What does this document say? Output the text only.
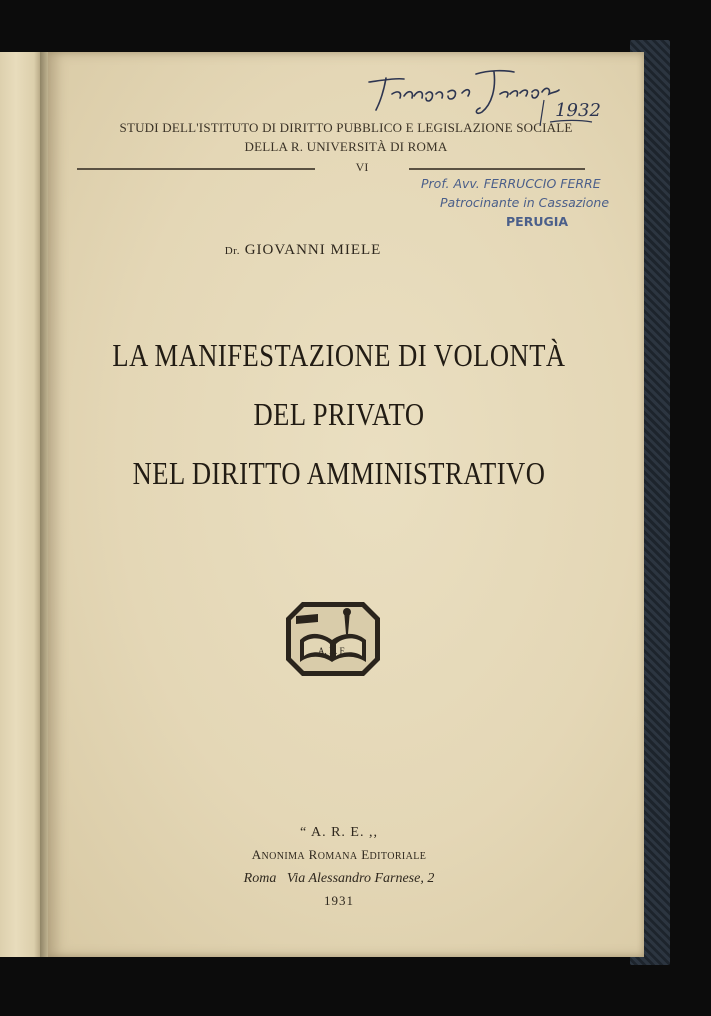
STUDI DELL'ISTITUTO DI DIRITTO PUBBLICO E LEGISLAZIONE SOCIALE
DELLA R. UNIVERSITÀ DI ROMA
VI
1932
Ferruccio Ferrer
Prof. Avv. FERRUCCIO FERRE
Patrocinante in Cassazione
PERUGIA
Dr. GIOVANNI MIELE
LA MANIFESTAZIONE DI VOLONTÀ
DEL PRIVATO
NEL DIRITTO AMMINISTRATIVO
A. R. E.
“ A. R. E. ,,
ANONIMA ROMANA EDITORIALE
Roma   Via Alessandro Farnese, 2
1931
